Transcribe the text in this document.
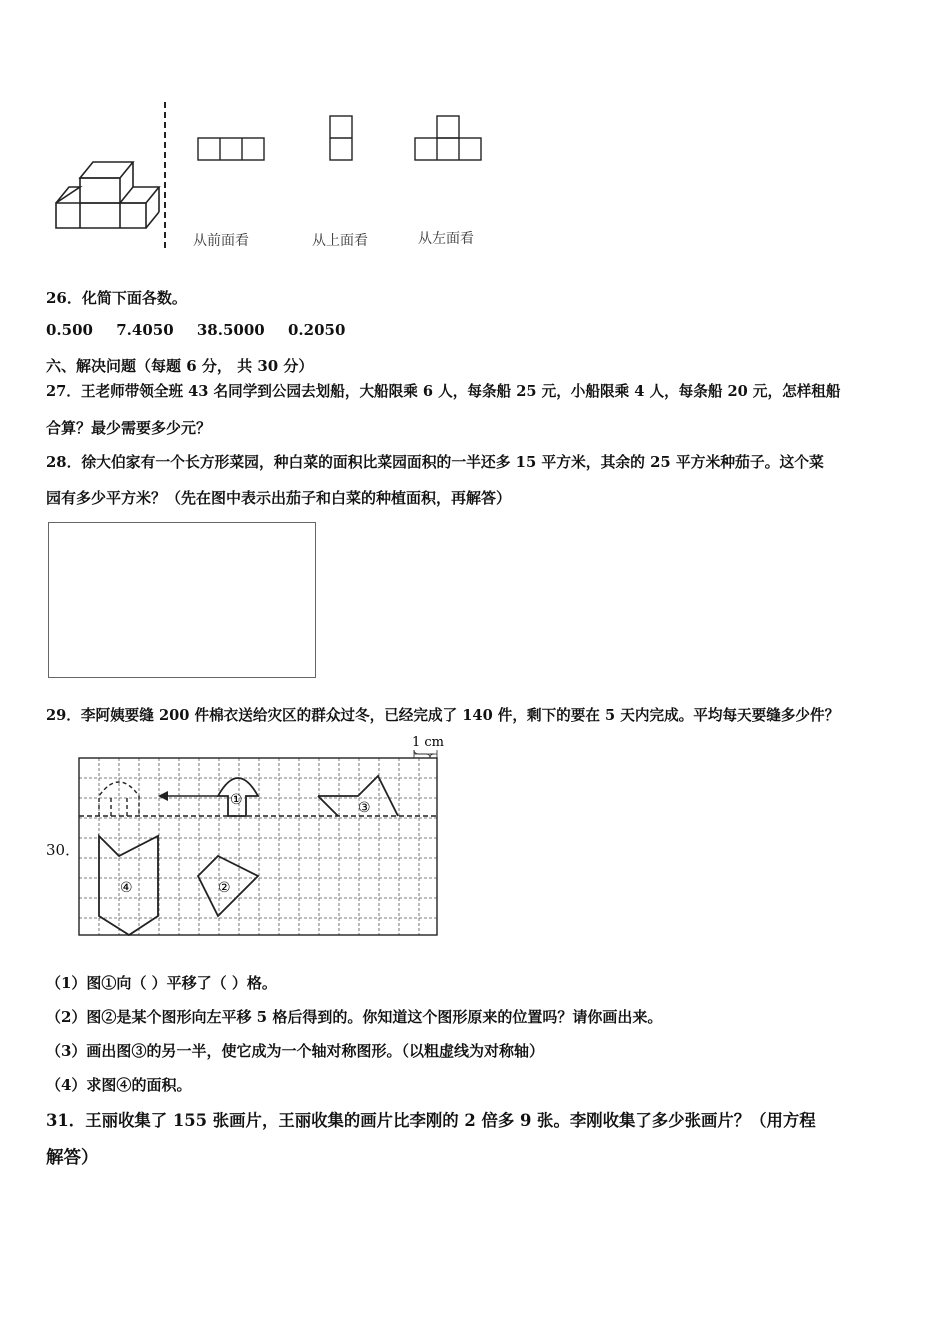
从前面看	从上面看	从左面看
26．化简下面各数。
0.500 7.4050 38.5000 0.2050
六、解决问题（每题 6 分， 共 30 分）
27．王老师带领全班 43 名同学到公园去划船，大船限乘 6 人，每条船 25 元，小船限乘 4 人，每条船 20 元，怎样租船
合算？最少需要多少元？
28．徐大伯家有一个长方形菜园，种白菜的面积比菜园面积的一半还多 15 平方米，其余的 25 平方米种茄子。这个菜
园有多少平方米？（先在图中表示出茄子和白菜的种植面积，再解答）
29．李阿姨要缝 200 件棉衣送给灾区的群众过冬，已经完成了 140 件，剩下的要在 5 天内完成。平均每天要缝多少件？
30．
1 cm
①	③
④	②
（1）图①向（ ）平移了（ ）格。
（2）图②是某个图形向左平移 5 格后得到的。你知道这个图形原来的位置吗？请你画出来。
（3）画出图③的另一半，使它成为一个轴对称图形。（以粗虚线为对称轴）
（4）求图④的面积。
31．王丽收集了 155 张画片，王丽收集的画片比李刚的 2 倍多 9 张。李刚收集了多少张画片？（用方程
解答）
